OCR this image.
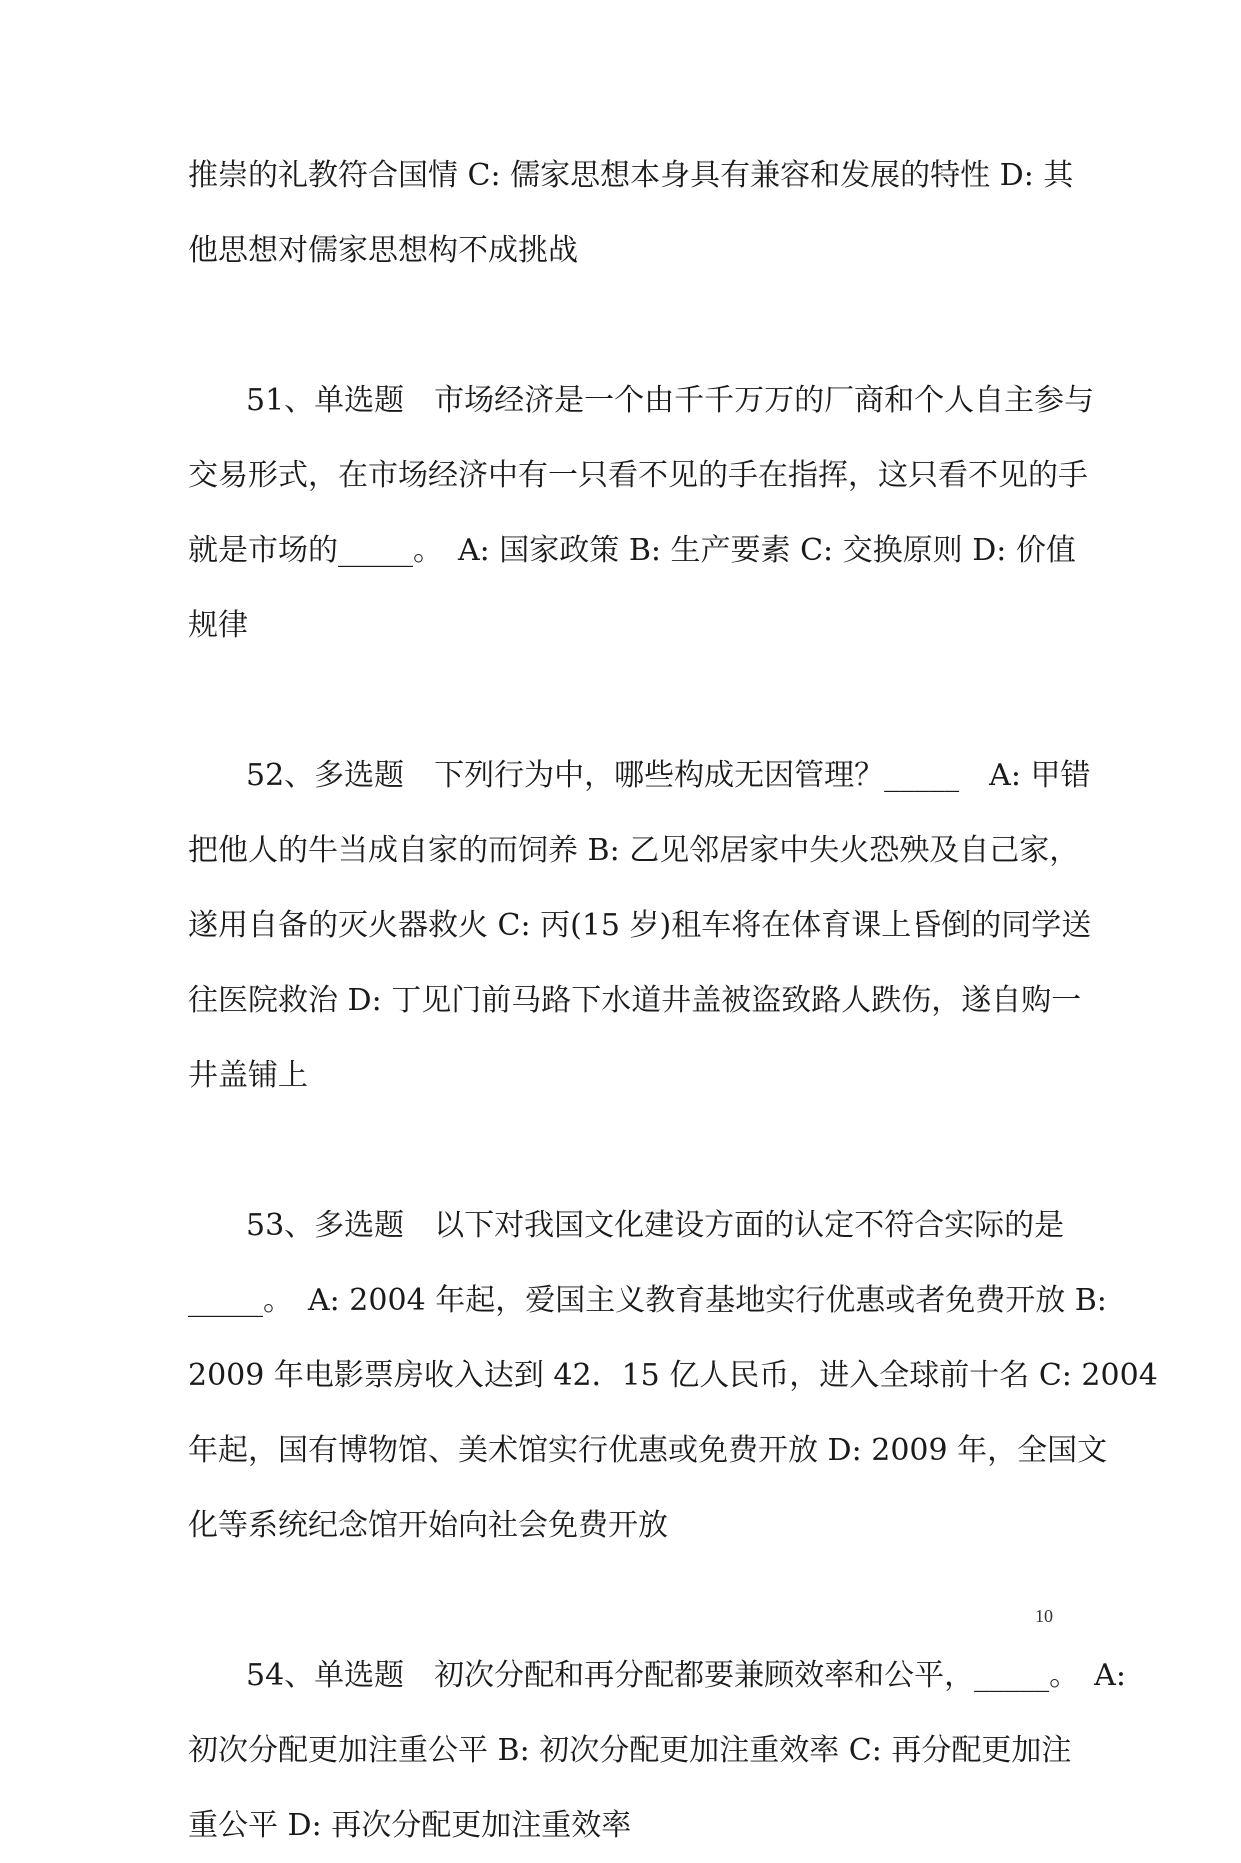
推崇的礼教符合国情 C: 儒家思想本身具有兼容和发展的特性 D: 其
他思想对儒家思想构不成挑战
51、单选题　市场经济是一个由千千万万的厂商和个人自主参与
交易形式，在市场经济中有一只看不见的手在指挥，这只看不见的手
就是市场的_____。　A: 国家政策 B: 生产要素 C: 交换原则 D: 价值
规律
52、多选题　下列行为中，哪些构成无因管理？_____　A: 甲错
把他人的牛当成自家的而饲养 B: 乙见邻居家中失火恐殃及自己家，
遂用自备的灭火器救火 C: 丙(15 岁)租车将在体育课上昏倒的同学送
往医院救治 D: 丁见门前马路下水道井盖被盗致路人跌伤，遂自购一
井盖铺上
53、多选题　以下对我国文化建设方面的认定不符合实际的是
_____。　A: 2004 年起，爱国主义教育基地实行优惠或者免费开放 B:
2009 年电影票房收入达到 42．15 亿人民币，进入全球前十名 C: 2004
年起，国有博物馆、美术馆实行优惠或免费开放 D: 2009 年，全国文
化等系统纪念馆开始向社会免费开放
54、单选题　初次分配和再分配都要兼顾效率和公平，_____。　A:
初次分配更加注重公平 B: 初次分配更加注重效率 C: 再分配更加注
重公平 D: 再次分配更加注重效率
10
